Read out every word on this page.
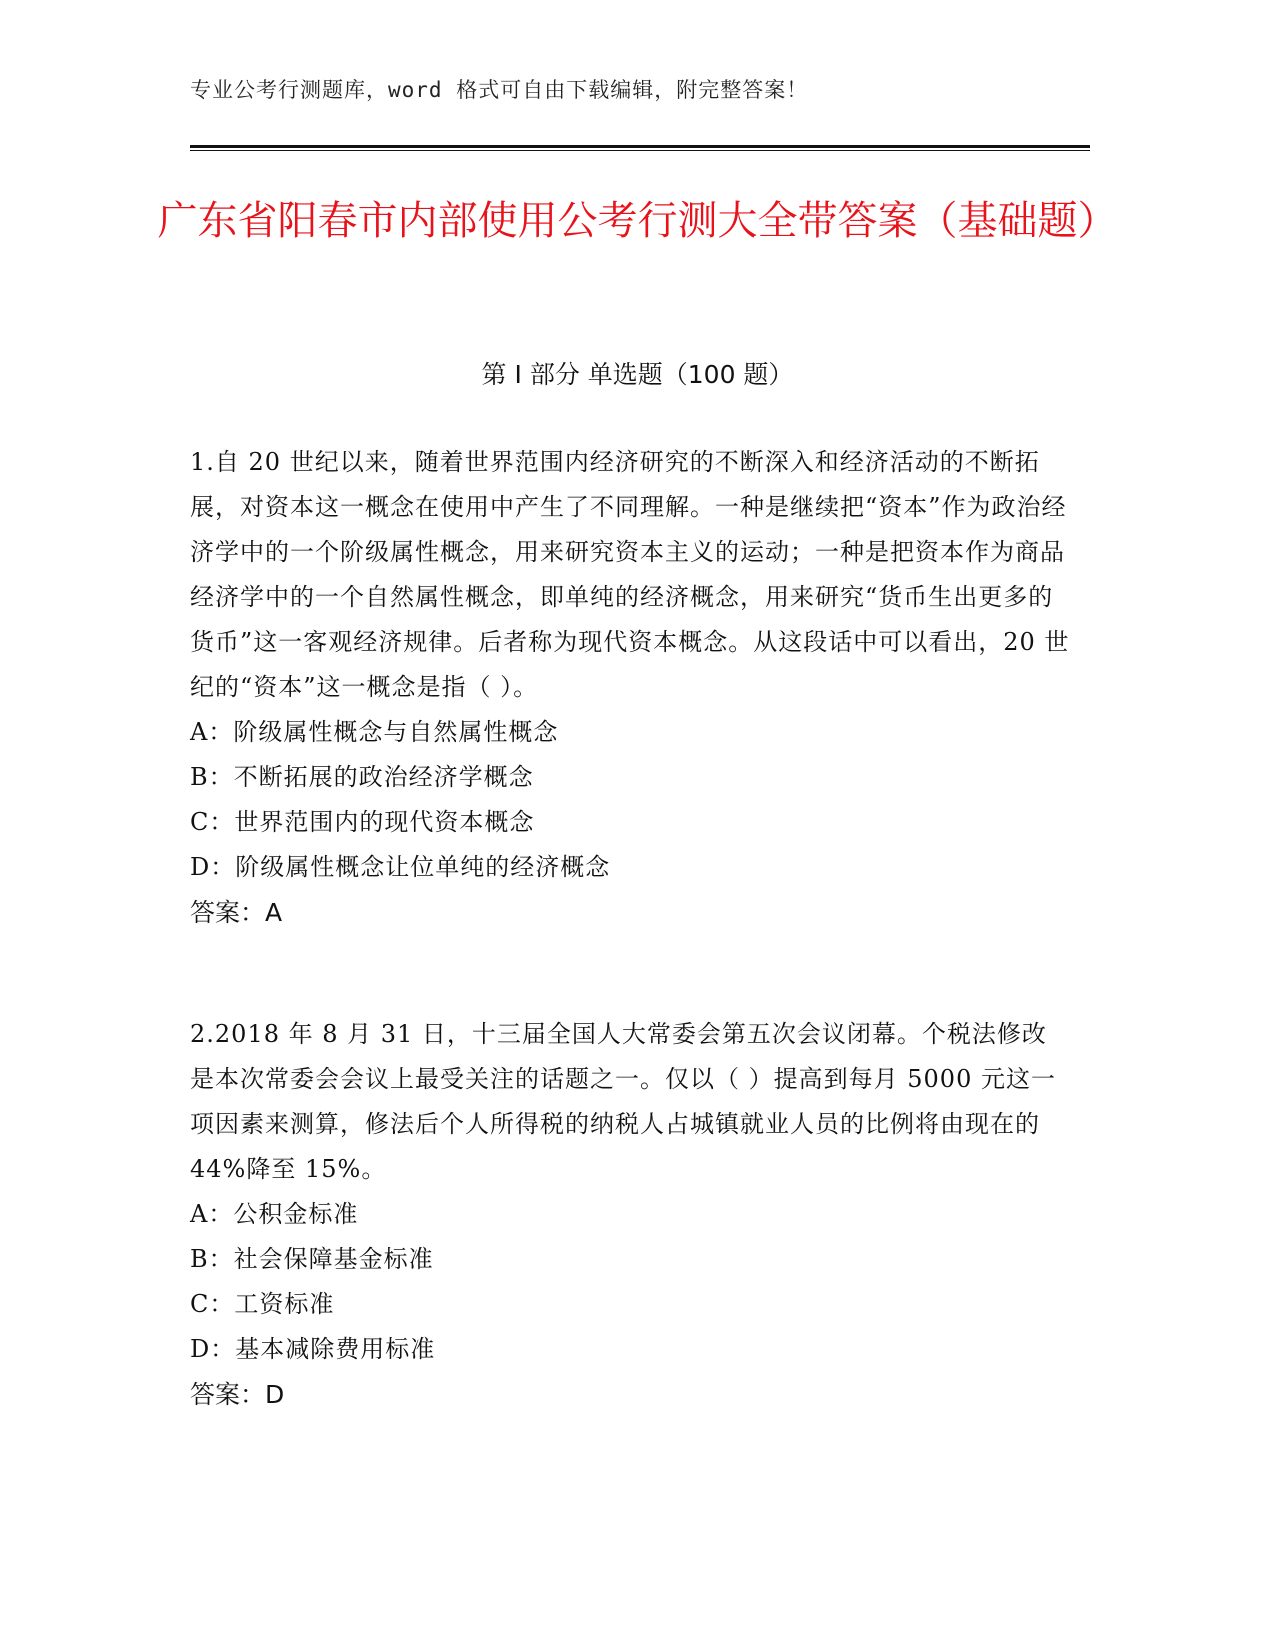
专业公考行测题库，word 格式可自由下载编辑，附完整答案！
广东省阳春市内部使用公考行测大全带答案（基础题）
第 I 部分 单选题（100 题）

1.自 20 世纪以来，随着世界范围内经济研究的不断深入和经济活动的不断拓展，对资本这一概念在使用中产生了不同理解。一种是继续把“资本”作为政治经济学中的一个阶级属性概念，用来研究资本主义的运动；一种是把资本作为商品经济学中的一个自然属性概念，即单纯的经济概念，用来研究“货币生出更多的货币”这一客观经济规律。后者称为现代资本概念。从这段话中可以看出，20 世纪的“资本”这一概念是指（ ）。

A：阶级属性概念与自然属性概念

B：不断拓展的政治经济学概念

C：世界范围内的现代资本概念

D：阶级属性概念让位单纯的经济概念

答案：A

2.2018 年 8 月 31 日，十三届全国人大常委会第五次会议闭幕。个税法修改是本次常委会会议上最受关注的话题之一。仅以（ ）提高到每月 5000 元这一项因素来测算，修法后个人所得税的纳税人占城镇就业人员的比例将由现在的 44%降至 15%。

A：公积金标准

B：社会保障基金标准

C：工资标准

D：基本减除费用标准

答案：D
